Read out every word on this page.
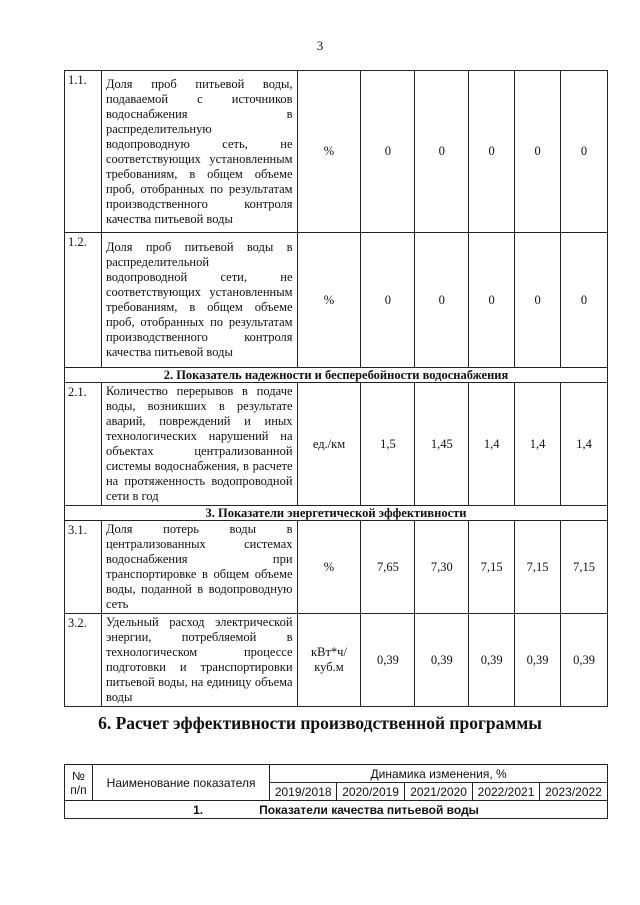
3
1.1.	Доля проб питьевой воды, подаваемой с источников водоснабжения в распределительную водопроводную сеть, не соответствующих установленным требованиям, в общем объеме проб, отобранных по результатам производственного контроля качества питьевой воды	%	0	0	0	0	0
1.2.	Доля проб питьевой воды в распределительной водопроводной сети, не соответствующих установленным требованиям, в общем объеме проб, отобранных по результатам производственного контроля качества питьевой воды	%	0	0	0	0	0
2. Показатель надежности и бесперебойности водоснабжения							
2.1.	Количество перерывов в подаче воды, возникших в результате аварий, повреждений и иных технологических нарушений на объектах централизованной системы водоснабжения, в расчете на протяженность водопроводной сети в год	ед./км	1,5	1,45	1,4	1,4	1,4
3. Показатели энергетической эффективности							
3.1.	Доля потерь воды в централизованных системах водоснабжения при транспортировке в общем объеме воды, поданной в водопроводную сеть	%	7,65	7,30	7,15	7,15	7,15
3.2.	Удельный расход электрической энергии, потребляемой в технологическом процессе подготовки и транспортировки питьевой воды, на единицу объема воды	кВт*ч/ куб.м	0,39	0,39	0,39	0,39	0,39
6. Расчет эффективности производственной программы
№ п/п	Наименование показателя	Динамика изменения, %				
		2019/2018	2020/2019	2021/2020	2022/2021	2023/2022
1. Показатели качества питьевой воды						
